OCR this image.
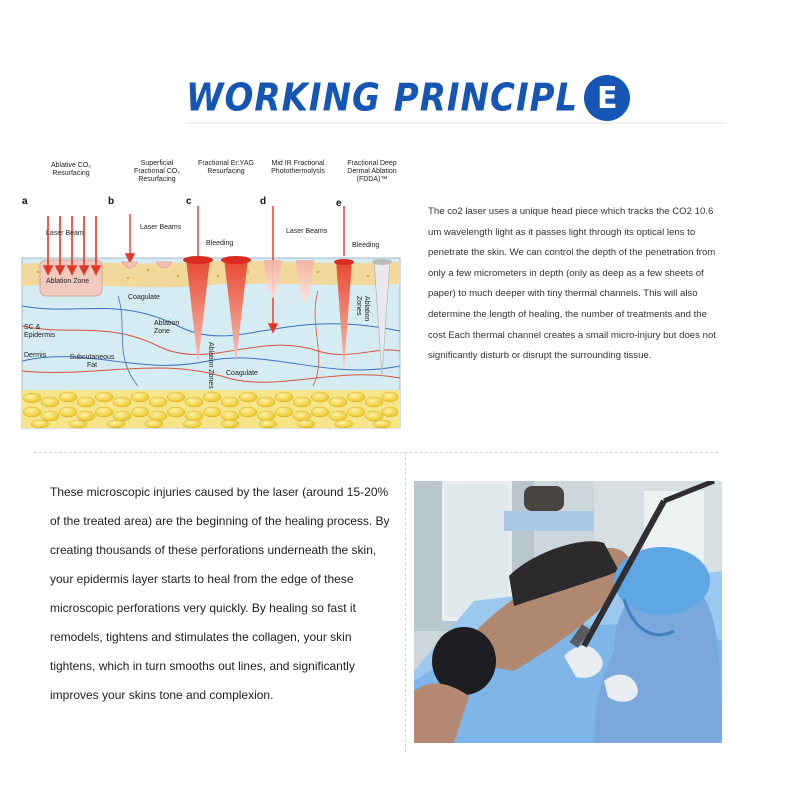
WORKING PRINCIPL E
Ablative CO₂ Resurfacing
Superficial Fractional CO₂ Resurfacing
Fractional Er:YAG Resurfacing
Mid IR Fractional Photothermolysis
Fractional Deep Dermal Ablation (FDDA)™
a	b	c	d	e
Laser Beam
Laser Beams
Bleeding
Laser Beams
Bleeding
Ablation Zone
Coagulate
Ablation Zone
Ablation Zones
Ablation Zones
SC & Epidermis
Dermis	Subcutaneous Fat
Coagulate

The co2 laser uses a unique head piece which tracks the CO2 10.6 um wavelength light as it passes light through its optical lens to penetrate the skin. We can control the depth of the penetration from only a few micrometers in depth (only as deep as a few sheets of paper) to much deeper with tiny thermal channels. This will also determine the length of healing, the number of treatments and the cost Each thermal channel creates a small micro-injury but does not significantly disturb or disrupt the surrounding tissue.

These microscopic injuries caused by the laser (around 15-20% of the treated area) are the beginning of the healing process. By creating thousands of these perforations underneath the skin, your epidermis layer starts to heal from the edge of these microscopic perforations very quickly. By healing so fast it remodels, tightens and stimulates the collagen, your skin tightens, which in turn smooths out lines, and significantly improves your skins tone and complexion.
